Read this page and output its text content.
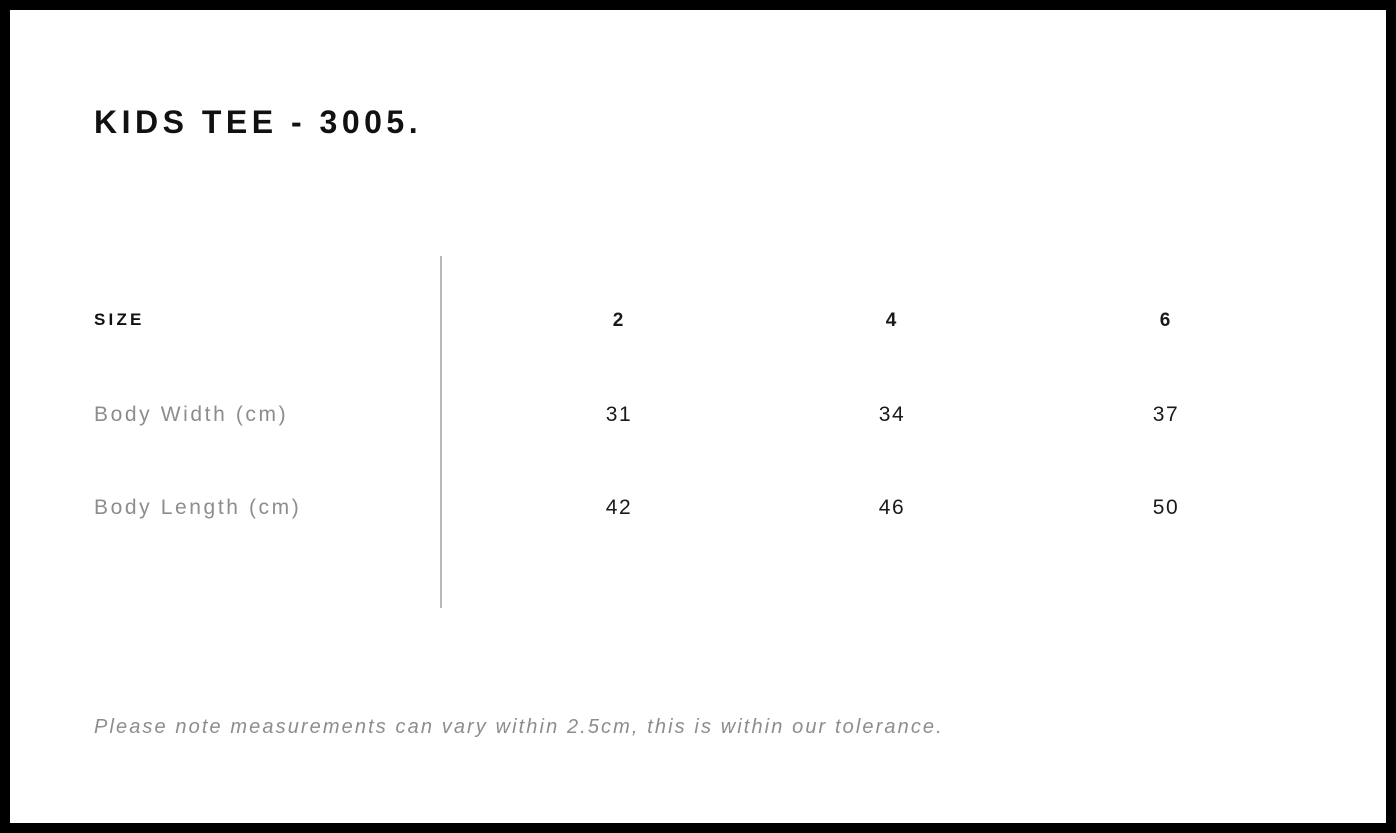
KIDS TEE - 3005.
SIZE	2	4	6
Body Width (cm)	31	34	37
Body Length (cm)	42	46	50
Please note measurements can vary within 2.5cm, this is within our tolerance.
